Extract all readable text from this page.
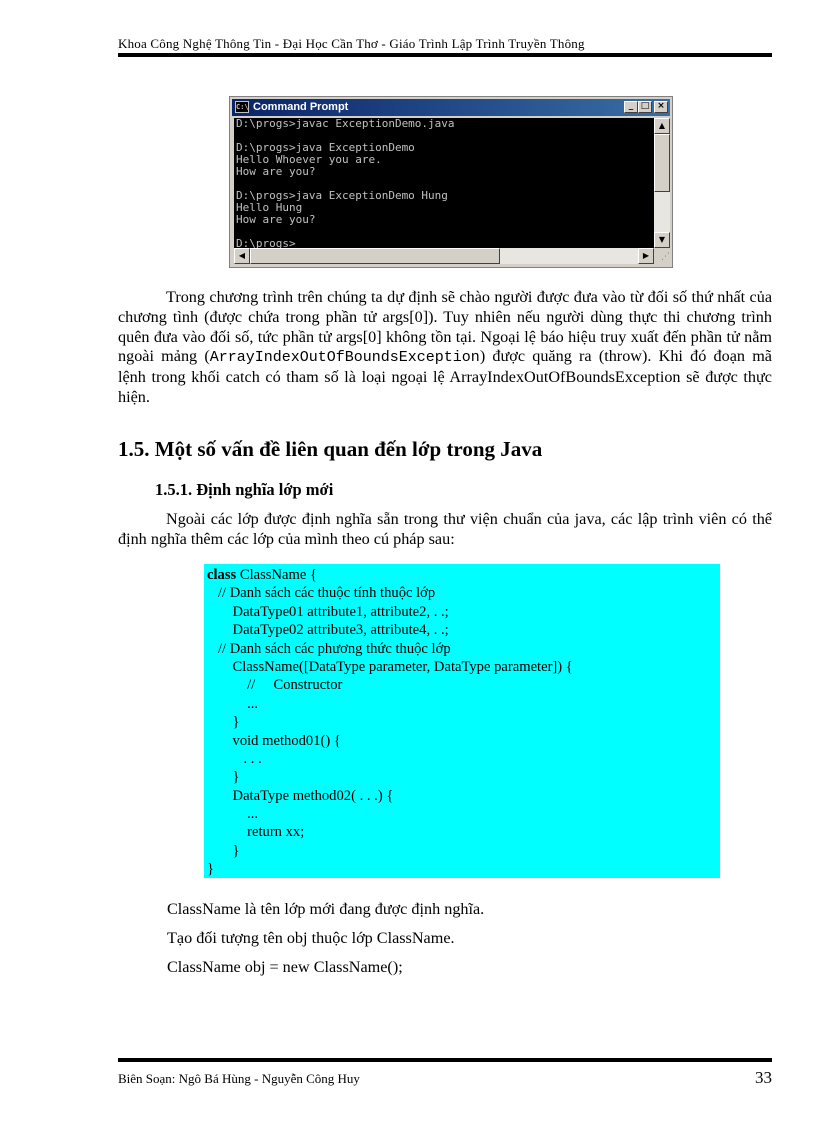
Khoa Công Nghệ Thông Tin - Đại Học Cần Thơ - Giáo Trình Lập Trình Truyền Thông
C:\ Command Prompt	_ □ ×
D:\progs>javac ExceptionDemo.java
D:\progs>java ExceptionDemo
Hello Whoever you are.
How are you?
D:\progs>java ExceptionDemo Hung
Hello Hung
How are you?
D:\progs>
▲
▼
◀	▶	⋰

Trong chương trình trên chúng ta dự định sẽ chào người được đưa vào từ đối số thứ nhất của chương tình (được chứa trong phần tử args[0]). Tuy nhiên nếu người dùng thực thi chương trình quên đưa vào đối số, tức phần tử args[0] không tồn tại. Ngoại lệ báo hiệu truy xuất đến phần tử nằm ngoài mảng (ArrayIndexOutOfBoundsException) được quăng ra (throw). Khi đó đoạn mã lệnh trong khối catch có tham số là loại ngoại lệ ArrayIndexOutOfBoundsException sẽ được thực hiện.

1.5. Một số vấn đề liên quan đến lớp trong Java
1.5.1. Định nghĩa lớp mới

Ngoài các lớp được định nghĩa sẵn trong thư viện chuẩn của java, các lập trình viên có thể định nghĩa thêm các lớp của mình theo cú pháp sau:

class ClassName {
// Danh sách các thuộc tính thuộc lớp
DataType01 attribute1, attribute2, . .;
DataType02 attribute3, attribute4, . .;
// Danh sách các phương thức thuộc lớp
ClassName([DataType parameter, DataType parameter]) {
//     Constructor
...
}
void method01() {
. . .
}
DataType method02( . . .) {
...
return xx;
}
}
ClassName là tên lớp mới đang được định nghĩa.
Tạo đối tượng tên obj thuộc lớp ClassName.
ClassName obj = new ClassName();
Biên Soạn: Ngô Bá Hùng - Nguyễn Công Huy	33
